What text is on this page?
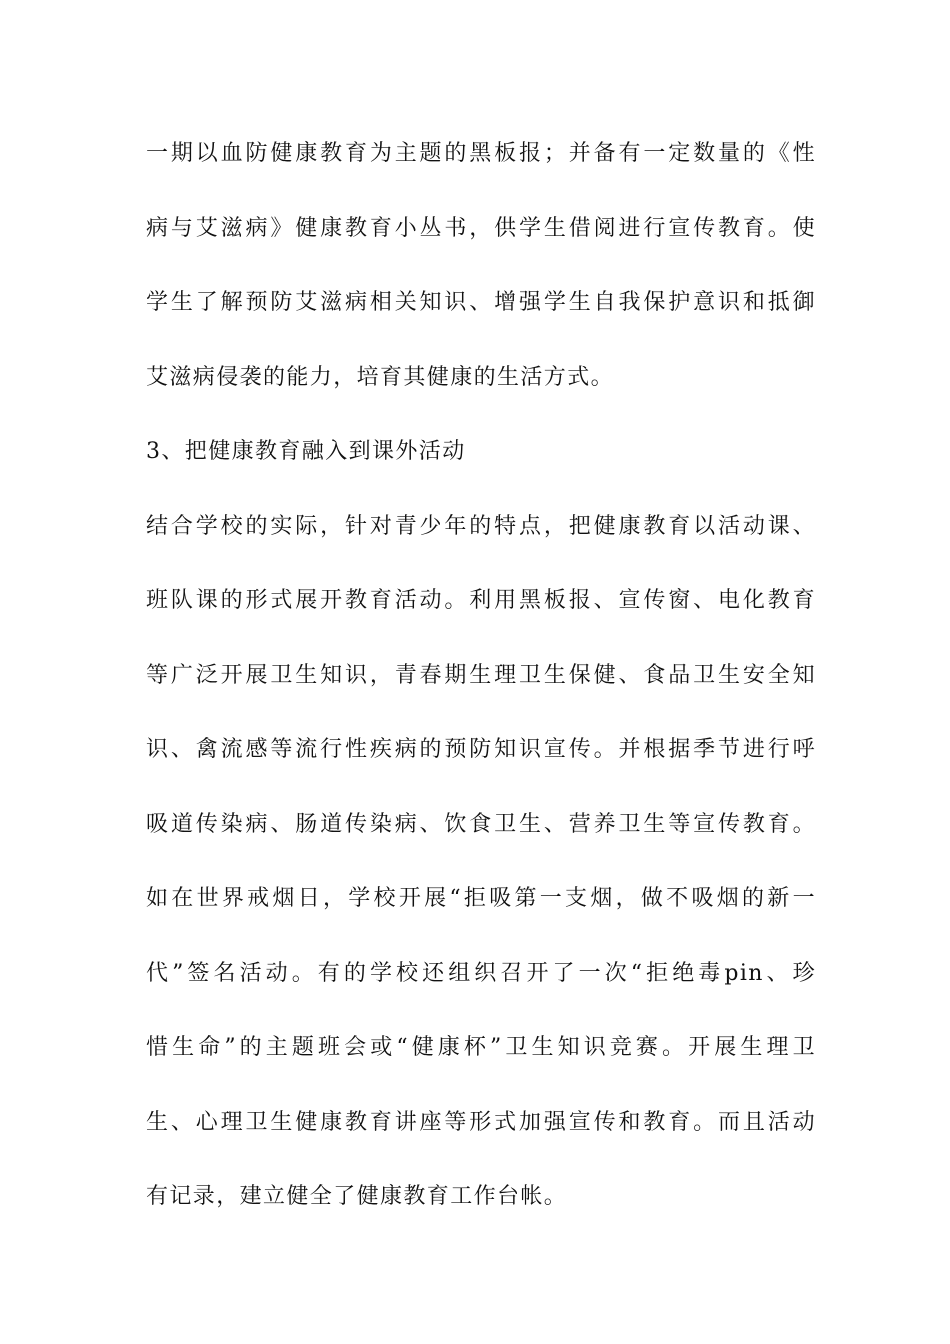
一期以血防健康教育为主题的黑板报；并备有一定数量的《性
病与艾滋病》健康教育小丛书，供学生借阅进行宣传教育。使
学生了解预防艾滋病相关知识、增强学生自我保护意识和抵御
艾滋病侵袭的能力，培育其健康的生活方式。
3、把健康教育融入到课外活动
结合学校的实际，针对青少年的特点，把健康教育以活动课、
班队课的形式展开教育活动。利用黑板报、宣传窗、电化教育
等广泛开展卫生知识，青春期生理卫生保健、食品卫生安全知
识、禽流感等流行性疾病的预防知识宣传。并根据季节进行呼
吸道传染病、肠道传染病、饮食卫生、营养卫生等宣传教育。
如在世界戒烟日，学校开展“拒吸第一支烟，做不吸烟的新一
代”签名活动。有的学校还组织召开了一次“拒绝毒pin、珍
惜生命”的主题班会或“健康杯”卫生知识竞赛。开展生理卫
生、心理卫生健康教育讲座等形式加强宣传和教育。而且活动
有记录，建立健全了健康教育工作台帐。
